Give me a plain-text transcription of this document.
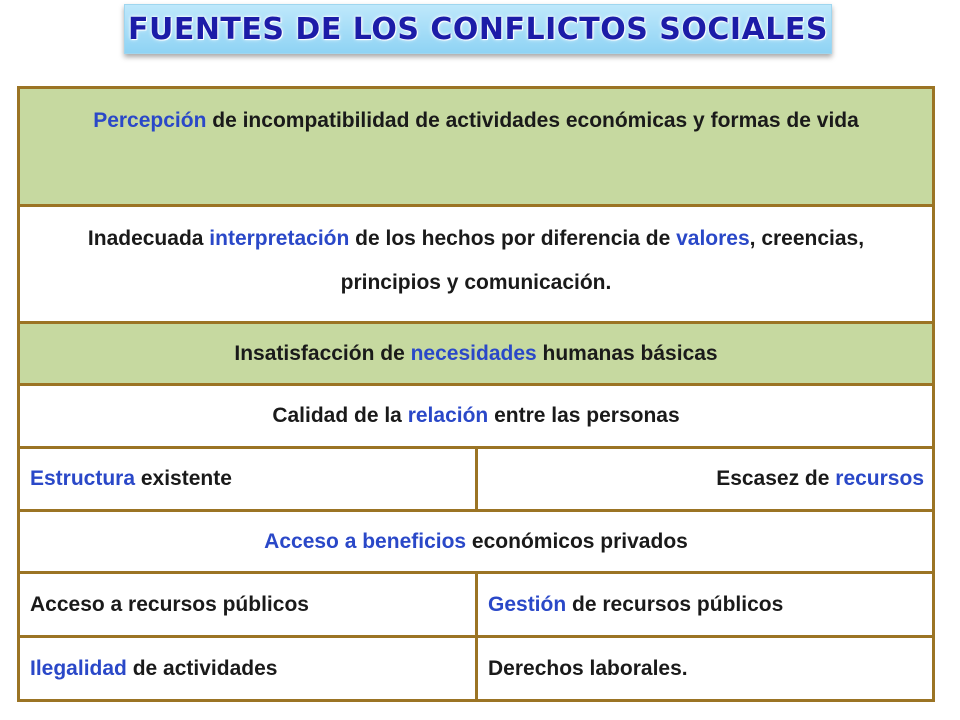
FUENTES DE LOS CONFLICTOS SOCIALES
Percepción de incompatibilidad de actividades económicas y formas de vida
Inadecuada interpretación de los hechos por diferencia de valores, creencias, principios y comunicación.
Insatisfacción de necesidades humanas básicas
Calidad de la relación entre las personas
Estructura existente	Escasez de recursos
Acceso a beneficios económicos privados
Acceso a recursos públicos	Gestión de recursos públicos
Ilegalidad de actividades	Derechos laborales.
